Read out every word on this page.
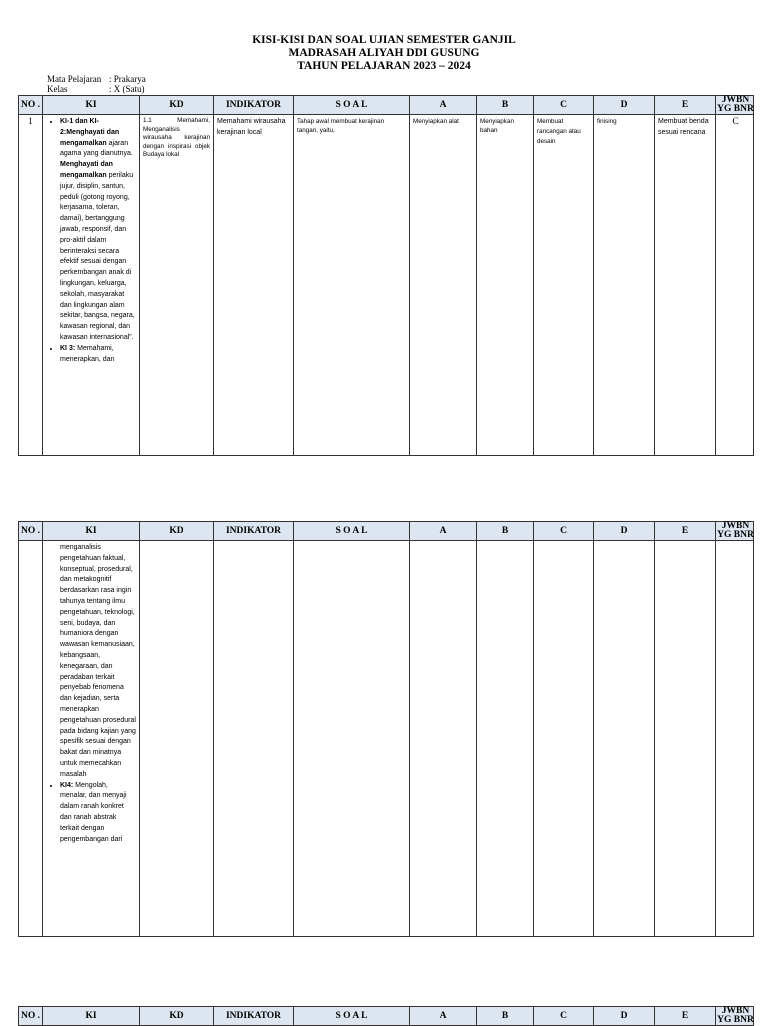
KISI-KISI DAN SOAL UJIAN SEMESTER GANJIL
MADRASAH ALIYAH DDI GUSUNG
TAHUN PELAJARAN 2023 – 2024
Mata Pelajaran : Prakarya
Kelas	: X (Satu)
NO .	KI	KD	INDIKATOR	S O A L	A	B	C	D	E	JWBN YG BNR
1
•	KI-1 dan KI-2:Menghayati dan mengamalkan ajaran agama yang dianutnya. Menghayati dan mengamalkan perilaku jujur, disiplin, santun, peduli (gotong royong, kerjasama, toleran, damai), bertanggung jawab, responsif, dan pro-aktif dalam berinteraksi secara efektif sesuai dengan perkembangan anak di lingkungan, keluarga, sekolah, masyarakat dan lingkungan alam sekitar, bangsa, negara, kawasan regional, dan kawasan internasional”.
• KI 3: Memahami, menerapkan, dan
1.1 Memahami, Menganalisis wirausaha kerajinan dengan inspirasi objek Budaya lokal
Memahami wirausaha kerajinan local
Tahap awal membuat kerajinan tangan, yaitu,
Menyiapkan alat	Menyiapkan bahan
Membuat rancangan atau desain
finising	Membuat benda sesuai rencana
C
NO .	KI	KD	INDIKATOR	S O A L	A	B	C	D	E	JWBN YG BNR
menganalisis pengetahuan faktual, konseptual, prosedural, dan metakognitif berdasarkan rasa ingin tahunya tentang ilmu pengetahuan, teknologi, seni, budaya, dan humaniora dengan wawasan kemanusiaan, kebangsaan, kenegaraan, dan peradaban terkait penyebab fenomena dan kejadian, serta menerapkan pengetahuan prosedural pada bidang kajian yang spesifik sesuai dengan bakat dan minatnya untuk memecahkan masalah
• KI4: Mengolah, menalar, dan menyaji dalam ranah konkret dan ranah abstrak terkait dengan pengembangan dari
NO .	KI	KD	INDIKATOR	S O A L	A	B	C	D	E	JWBN YG BNR
